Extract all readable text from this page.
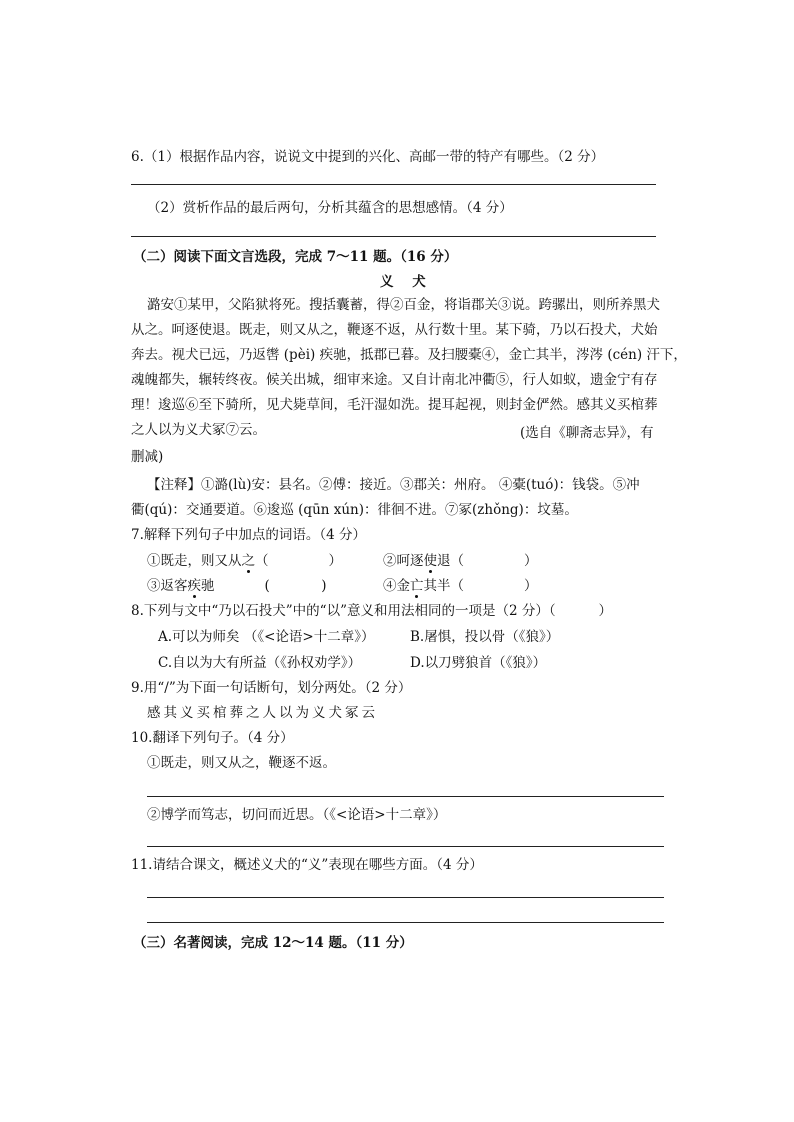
6.（1）根据作品内容，说说文中提到的兴化、高邮一带的特产有哪些。（2 分）
（2）赏析作品的最后两句，分析其蕴含的思想感情。（4 分）
（二）阅读下面文言选段，完成 7～11 题。（16 分）
义    犬
潞安①某甲，父陷狱将死。搜括囊蓄，得②百金，将诣郡关③说。跨骡出，则所养黑犬
从之。呵逐使退。既走，则又从之，鞭逐不返，从行数十里。某下骑，乃以石投犬，犬始
奔去。视犬已远，乃返辔 (pèi) 疾驰，抵郡已暮。及扫腰橐④，金亡其半，涔涔 (cén) 汗下，
魂魄都失，辗转终夜。候关出城，细审来途。又自计南北冲衢⑤，行人如蚁，遗金宁有存
理！逡巡⑥至下骑所，见犬毙草间，毛汗湿如洗。提耳起视，则封金俨然。感其义买棺葬
之人以为义犬冢⑦云。	(选自《聊斋志异》，有
删减)
【注释】①潞(lù)安：县名。②傅：接近。③郡关：州府。 ④橐(tuó)：钱袋。⑤冲
衢(qú)：交通要道。⑥逡巡 (qūn xún)：徘徊不进。⑦冢(zhǒng)：坟墓。
7.解释下列句子中加点的词语。（4 分）
①既走，则又从之（	）	②呵逐使退（	）
③返客疾驰	(            )	④金亡其半（	）
8.下列与文中“乃以石投犬”中的“以”意义和用法相同的一项是（2 分）（          ）
A.可以为师矣 （《<论语>十二章》）	B.屠惧，投以骨（《狼》）
C.自以为大有所益（《孙权劝学》）	D.以刀劈狼首（《狼》）
9.用“/”为下面一句话断句，划分两处。（2 分）
感其义买棺葬之人以为义犬冢云
10.翻译下列句子。（4 分）
①既走，则又从之，鞭逐不返。
②博学而笃志，切问而近思。（《<论语>十二章》）
11.请结合课文，概述义犬的“义”表现在哪些方面。（4 分）
（三）名著阅读，完成 12～14 题。（11 分）
